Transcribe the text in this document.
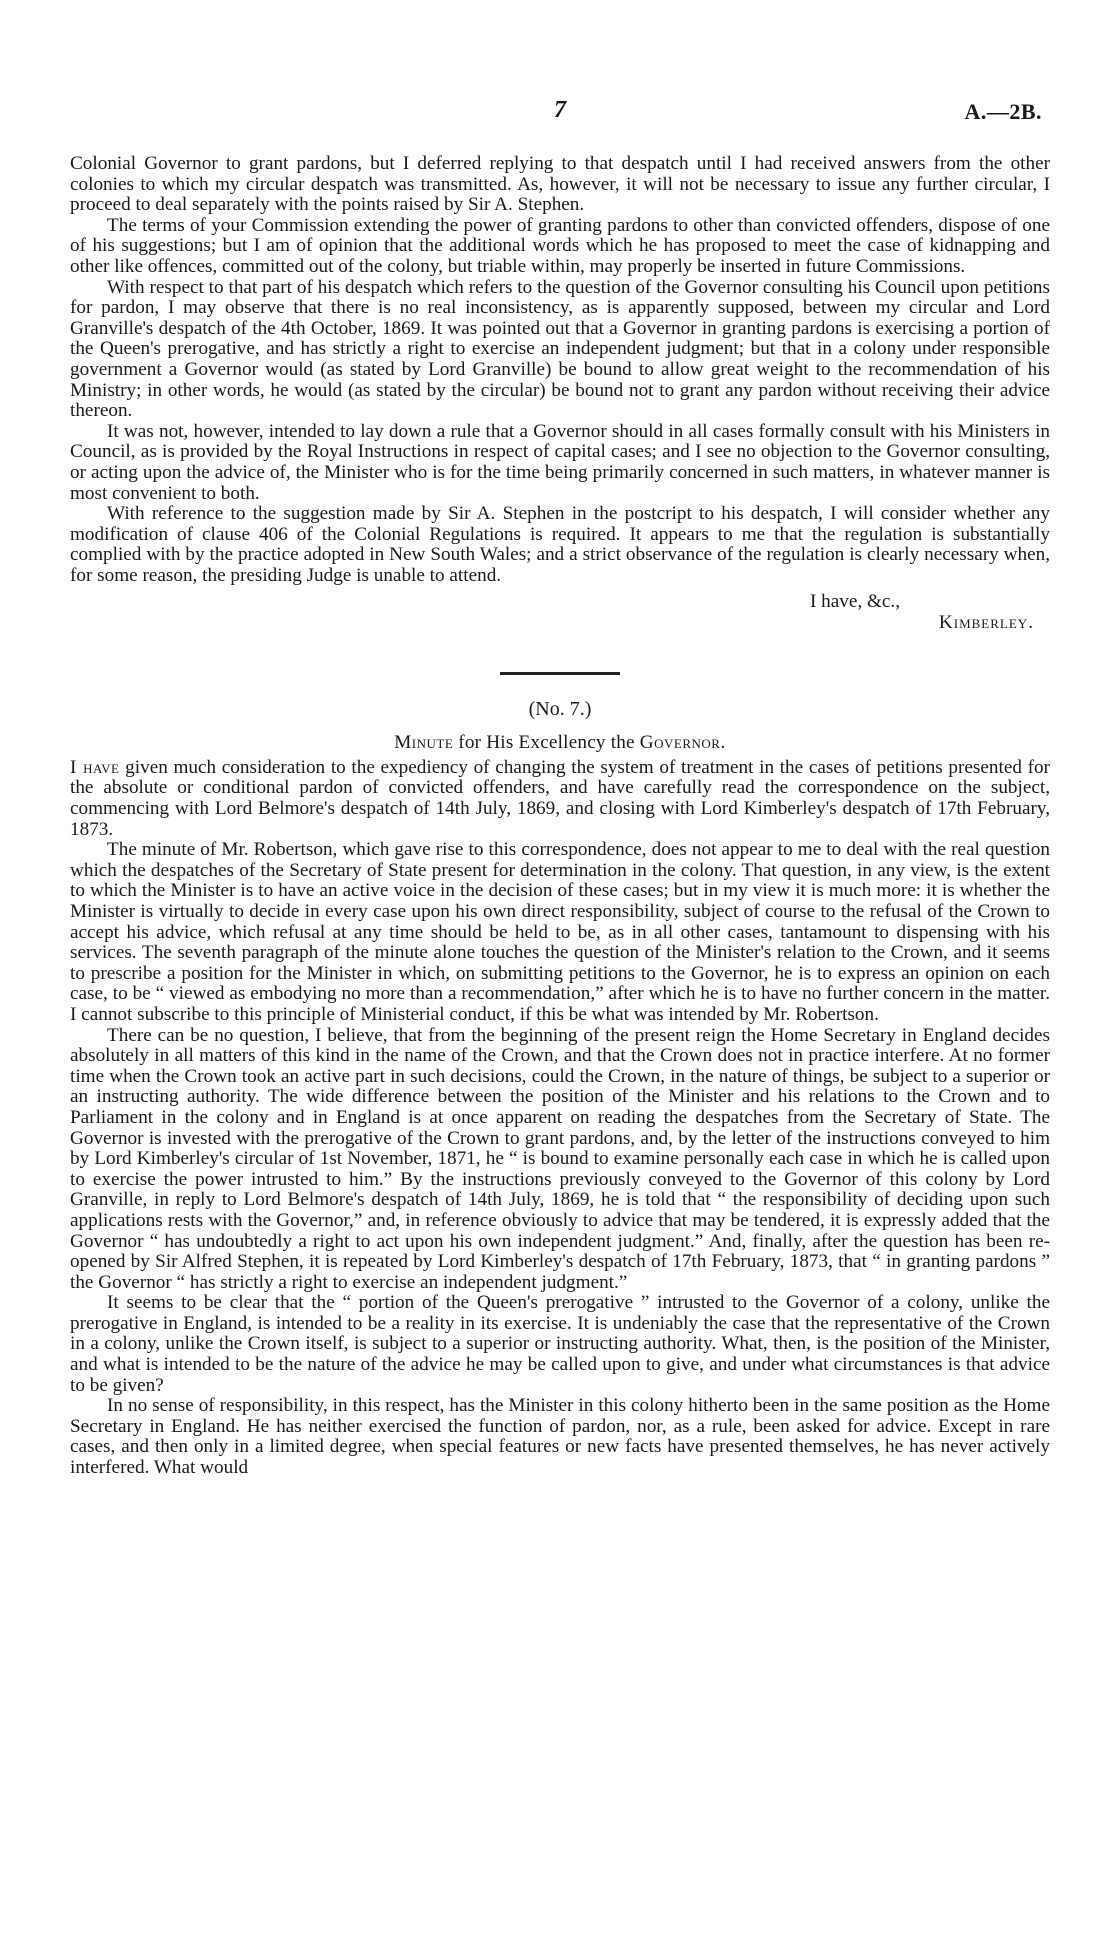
7	A.—2B.

Colonial Governor to grant pardons, but I deferred replying to that despatch until I had received answers from the other colonies to which my circular despatch was transmitted. As, however, it will not be necessary to issue any further circular, I proceed to deal separately with the points raised by Sir A. Stephen.

The terms of your Commission extending the power of granting pardons to other than convicted offenders, dispose of one of his suggestions; but I am of opinion that the additional words which he has proposed to meet the case of kidnapping and other like offences, committed out of the colony, but triable within, may properly be inserted in future Commissions.

With respect to that part of his despatch which refers to the question of the Governor consulting his Council upon petitions for pardon, I may observe that there is no real inconsistency, as is apparently supposed, between my circular and Lord Granville's despatch of the 4th October, 1869. It was pointed out that a Governor in granting pardons is exercising a portion of the Queen's prerogative, and has strictly a right to exercise an independent judgment; but that in a colony under responsible government a Governor would (as stated by Lord Granville) be bound to allow great weight to the recommendation of his Ministry; in other words, he would (as stated by the circular) be bound not to grant any pardon without receiving their advice thereon.

It was not, however, intended to lay down a rule that a Governor should in all cases formally consult with his Ministers in Council, as is provided by the Royal Instructions in respect of capital cases; and I see no objection to the Governor consulting, or acting upon the advice of, the Minister who is for the time being primarily concerned in such matters, in whatever manner is most convenient to both.

With reference to the suggestion made by Sir A. Stephen in the postcript to his despatch, I will consider whether any modification of clause 406 of the Colonial Regulations is required. It appears to me that the regulation is substantially complied with by the practice adopted in New South Wales; and a strict observance of the regulation is clearly necessary when, for some reason, the presiding Judge is unable to attend.

I have, &c.,
Kimberley.
(No. 7.)
Minute for His Excellency the Governor.

I have given much consideration to the expediency of changing the system of treatment in the cases of petitions presented for the absolute or conditional pardon of convicted offenders, and have carefully read the correspondence on the subject, commencing with Lord Belmore's despatch of 14th July, 1869, and closing with Lord Kimberley's despatch of 17th February, 1873.

The minute of Mr. Robertson, which gave rise to this correspondence, does not appear to me to deal with the real question which the despatches of the Secretary of State present for determination in the colony. That question, in any view, is the extent to which the Minister is to have an active voice in the decision of these cases; but in my view it is much more: it is whether the Minister is virtually to decide in every case upon his own direct responsibility, subject of course to the refusal of the Crown to accept his advice, which refusal at any time should be held to be, as in all other cases, tantamount to dispensing with his services. The seventh paragraph of the minute alone touches the question of the Minister's relation to the Crown, and it seems to prescribe a position for the Minister in which, on submitting petitions to the Governor, he is to express an opinion on each case, to be “ viewed as embodying no more than a recommendation,” after which he is to have no further concern in the matter. I cannot subscribe to this principle of Ministerial conduct, if this be what was intended by Mr. Robertson.

There can be no question, I believe, that from the beginning of the present reign the Home Secretary in England decides absolutely in all matters of this kind in the name of the Crown, and that the Crown does not in practice interfere. At no former time when the Crown took an active part in such decisions, could the Crown, in the nature of things, be subject to a superior or an instructing authority. The wide difference between the position of the Minister and his relations to the Crown and to Parliament in the colony and in England is at once apparent on reading the despatches from the Secretary of State. The Governor is invested with the prerogative of the Crown to grant pardons, and, by the letter of the instructions conveyed to him by Lord Kimberley's circular of 1st November, 1871, he “ is bound to examine personally each case in which he is called upon to exercise the power intrusted to him.” By the instructions previously conveyed to the Governor of this colony by Lord Granville, in reply to Lord Belmore's despatch of 14th July, 1869, he is told that “ the responsibility of deciding upon such applications rests with the Governor,” and, in reference obviously to advice that may be tendered, it is expressly added that the Governor “ has undoubtedly a right to act upon his own independent judgment.” And, finally, after the question has been re-opened by Sir Alfred Stephen, it is repeated by Lord Kimberley's despatch of 17th February, 1873, that “ in granting pardons ” the Governor “ has strictly a right to exercise an independent judgment.”

It seems to be clear that the “ portion of the Queen's prerogative ” intrusted to the Governor of a colony, unlike the prerogative in England, is intended to be a reality in its exercise. It is undeniably the case that the representative of the Crown in a colony, unlike the Crown itself, is subject to a superior or instructing authority. What, then, is the position of the Minister, and what is intended to be the nature of the advice he may be called upon to give, and under what circumstances is that advice to be given?

In no sense of responsibility, in this respect, has the Minister in this colony hitherto been in the same position as the Home Secretary in England. He has neither exercised the function of pardon, nor, as a rule, been asked for advice. Except in rare cases, and then only in a limited degree, when special features or new facts have presented themselves, he has never actively interfered. What would
